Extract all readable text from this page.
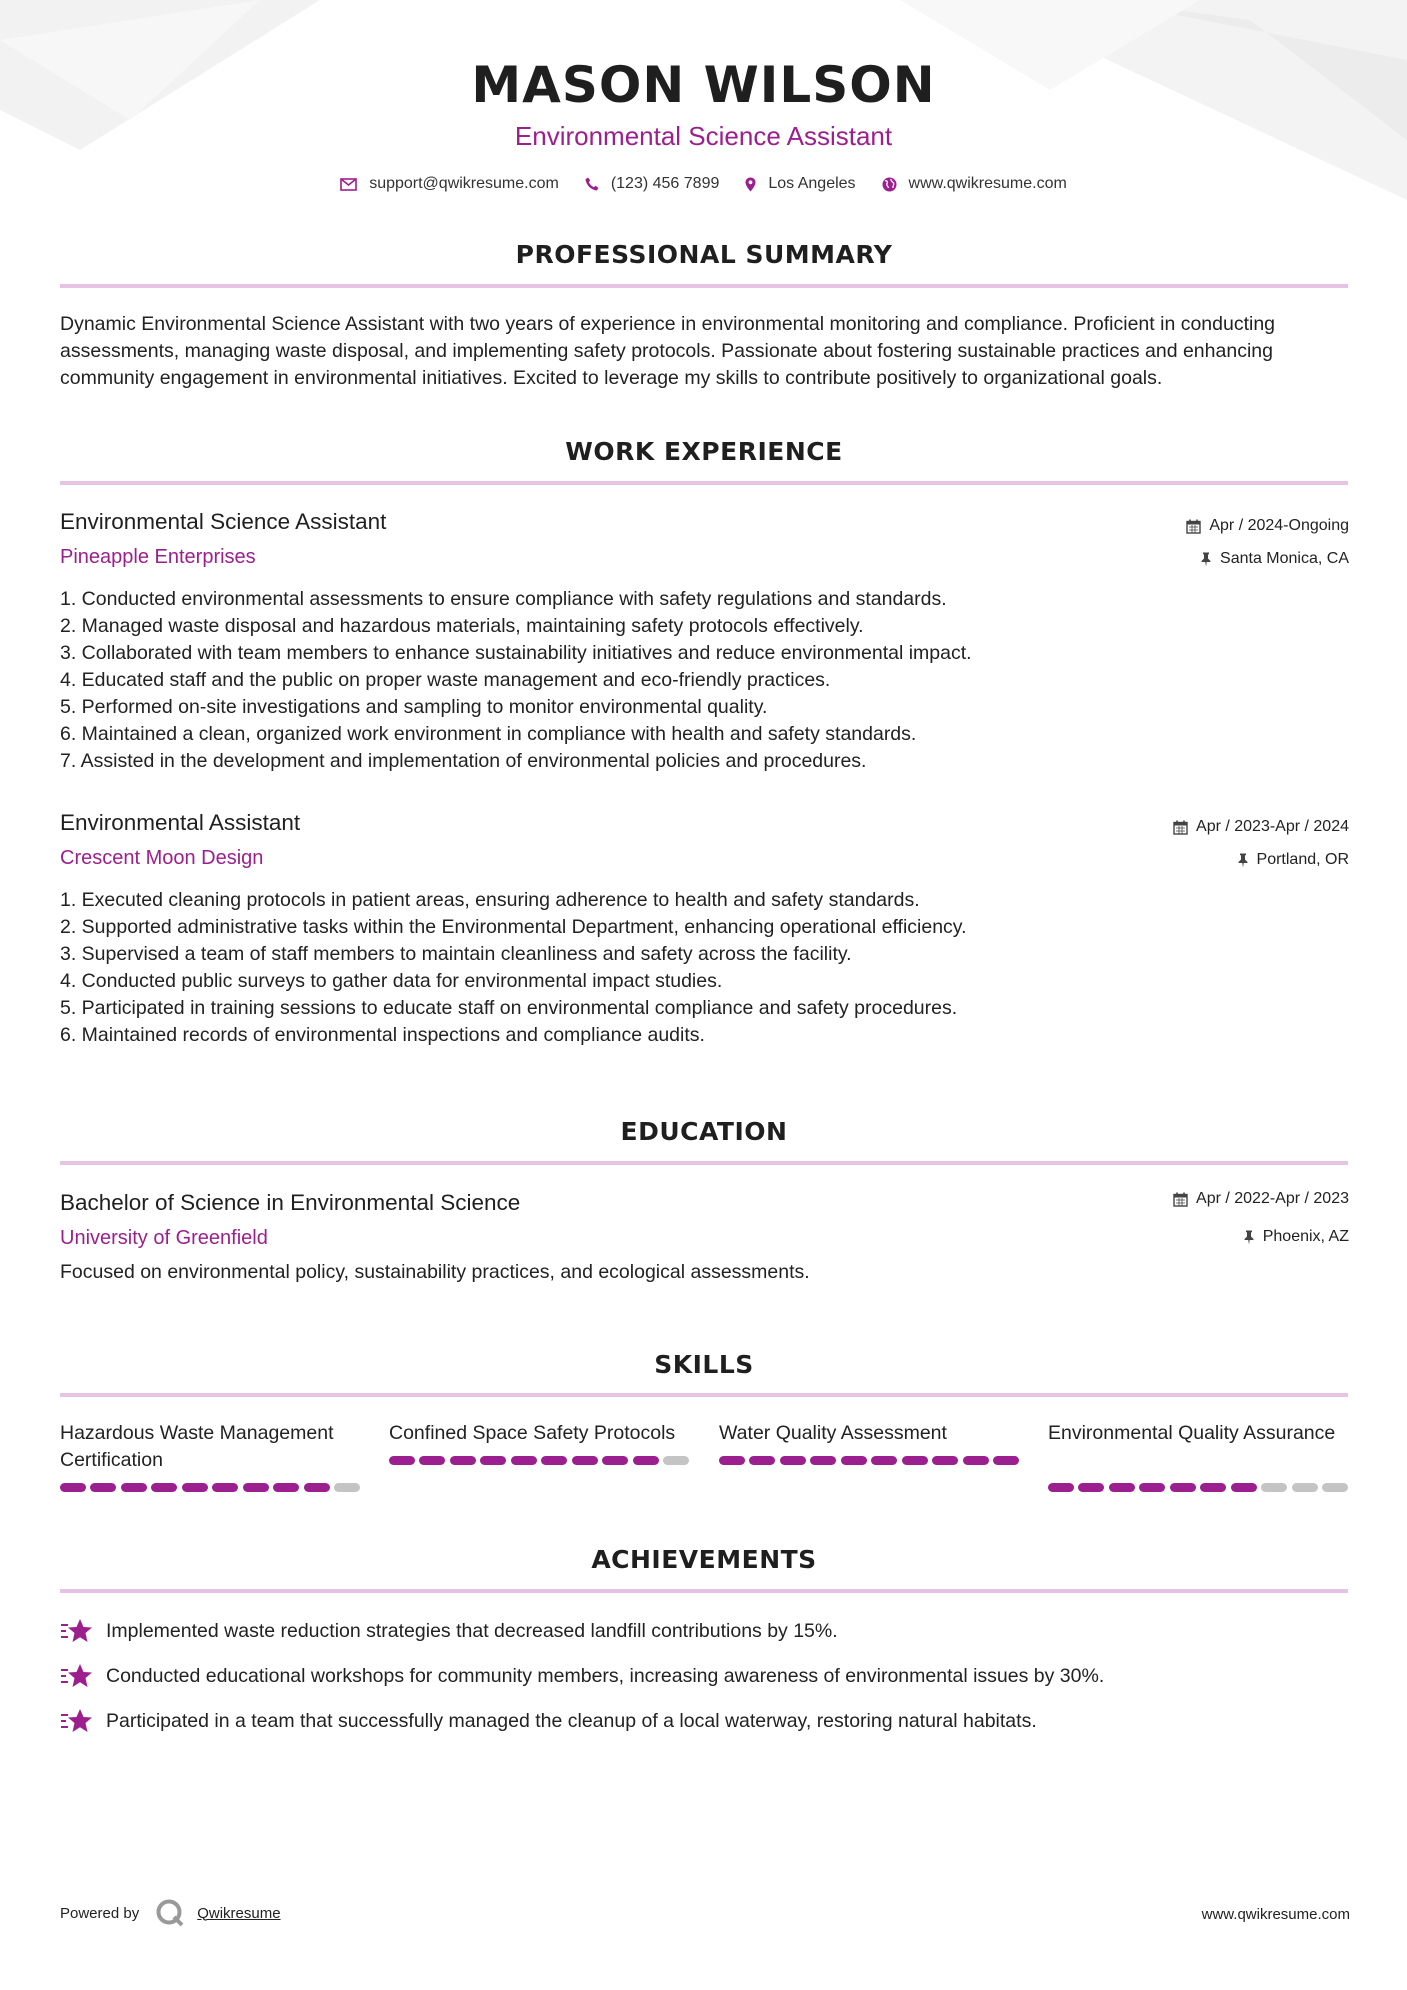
MASON WILSON
Environmental Science Assistant
support@qwikresume.com	(123) 456 7899	Los Angeles	www.qwikresume.com
PROFESSIONAL SUMMARY

Dynamic Environmental Science Assistant with two years of experience in environmental monitoring and compliance. Proficient in conducting assessments, managing waste disposal, and implementing safety protocols. Passionate about fostering sustainable practices and enhancing community engagement in environmental initiatives. Excited to leverage my skills to contribute positively to organizational goals.

WORK EXPERIENCE
Environmental Science Assistant
Pineapple Enterprises
Apr / 2024-Ongoing
Santa Monica, CA
1. Conducted environmental assessments to ensure compliance with safety regulations and standards.
2. Managed waste disposal and hazardous materials, maintaining safety protocols effectively.
3. Collaborated with team members to enhance sustainability initiatives and reduce environmental impact.
4. Educated staff and the public on proper waste management and eco-friendly practices.
5. Performed on-site investigations and sampling to monitor environmental quality.
6. Maintained a clean, organized work environment in compliance with health and safety standards.
7. Assisted in the development and implementation of environmental policies and procedures.
Environmental Assistant
Crescent Moon Design
Apr / 2023-Apr / 2024
Portland, OR
1. Executed cleaning protocols in patient areas, ensuring adherence to health and safety standards.
2. Supported administrative tasks within the Environmental Department, enhancing operational efficiency.
3. Supervised a team of staff members to maintain cleanliness and safety across the facility.
4. Conducted public surveys to gather data for environmental impact studies.
5. Participated in training sessions to educate staff on environmental compliance and safety procedures.
6. Maintained records of environmental inspections and compliance audits.
EDUCATION
Bachelor of Science in Environmental Science
University of Greenfield
Apr / 2022-Apr / 2023
Phoenix, AZ
Focused on environmental policy, sustainability practices, and ecological assessments.
SKILLS
Hazardous Waste Management Certification
Confined Space Safety Protocols	Water Quality Assessment	Environmental Quality Assurance
ACHIEVEMENTS
Implemented waste reduction strategies that decreased landfill contributions by 15%.
Conducted educational workshops for community members, increasing awareness of environmental issues by 30%.
Participated in a team that successfully managed the cleanup of a local waterway, restoring natural habitats.
Powered by	Qwikresume	www.qwikresume.com
